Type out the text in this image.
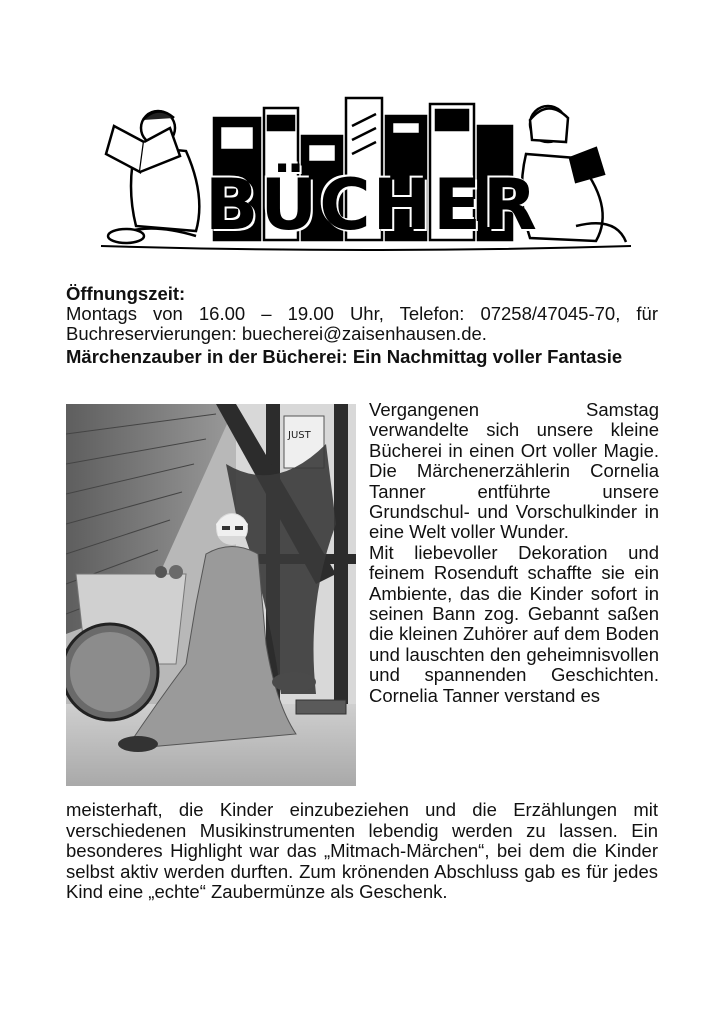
BÜCHER
Öffnungszeit:
Montags von 16.00 – 19.00 Uhr, Telefon: 07258/47045-70, für Buchreservierungen: buecherei@zaisenhausen.de.
Märchenzauber in der Bücherei: Ein Nachmittag voller Fantasie
JUST

Vergangenen Samstag verwandelte sich unsere kleine Bücherei in einen Ort voller Magie. Die Märchenerzählerin Cornelia Tanner entführte unsere Grundschul- und Vorschulkinder in eine Welt voller Wunder.

Mit liebevoller Dekoration und feinem Rosenduft schaffte sie ein Ambiente, das die Kinder sofort in seinen Bann zog. Gebannt saßen die kleinen Zuhörer auf dem Boden und lauschten den geheimnisvollen und spannenden Geschichten. Cornelia Tanner verstand es

meisterhaft, die Kinder einzubeziehen und die Erzählungen mit verschiedenen Musikinstrumenten lebendig werden zu lassen. Ein besonderes Highlight war das „Mitmach-Märchen“, bei dem die Kinder selbst aktiv werden durften. Zum krönenden Abschluss gab es für jedes Kind eine „echte“ Zaubermünze als Geschenk.
